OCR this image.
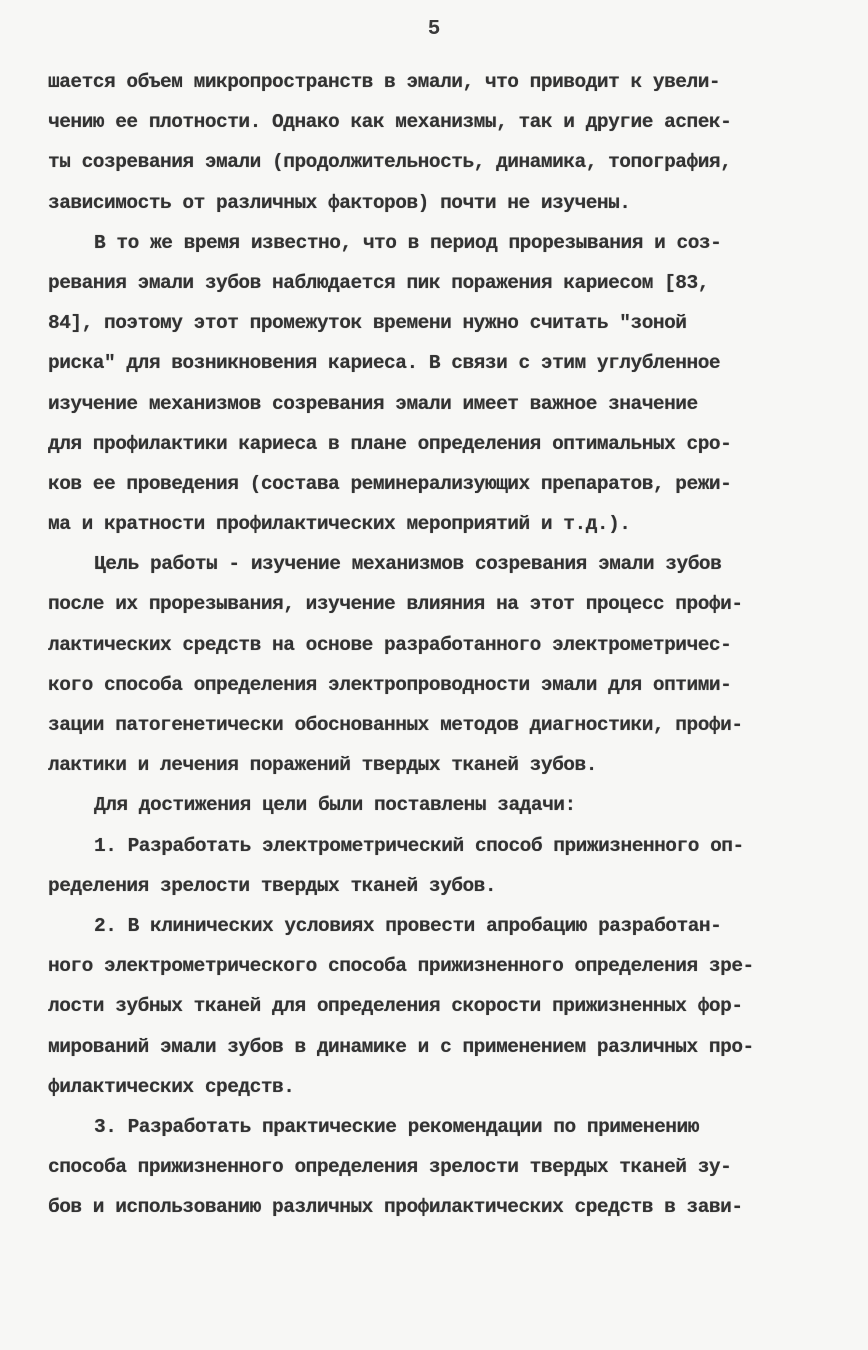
5
шается объем микропространств в эмали, что приводит к увели-
чению ее плотности. Однако как механизмы, так и другие аспек-
ты созревания эмали (продолжительность, динамика, топография,
зависимость от различных факторов) почти не изучены.
В то же время известно, что в период прорезывания и соз-
ревания эмали зубов наблюдается пик поражения кариесом [83,
84], поэтому этот промежуток времени нужно считать "зоной
риска" для возникновения кариеса. В связи с этим углубленное
изучение механизмов созревания эмали имеет важное значение
для профилактики кариеса в плане определения оптимальных сро-
ков ее проведения (состава реминерализующих препаратов, режи-
ма и кратности профилактических мероприятий и т.д.).
Цель работы - изучение механизмов созревания эмали зубов
после их прорезывания, изучение влияния на этот процесс профи-
лактических средств на основе разработанного электрометричес-
кого способа определения электропроводности эмали для оптими-
зации патогенетически обоснованных методов диагностики, профи-
лактики и лечения поражений твердых тканей зубов.
Для достижения цели были поставлены задачи:
1. Разработать электрометрический способ прижизненного оп-
ределения зрелости твердых тканей зубов.
2. В клинических условиях провести апробацию разработан-
ного электрометрического способа прижизненного определения зре-
лости зубных тканей для определения скорости прижизненных фор-
мирований эмали зубов в динамике и с применением различных про-
филактических средств.
3. Разработать практические рекомендации по применению
способа прижизненного определения зрелости твердых тканей зу-
бов и использованию различных профилактических средств в зави-
